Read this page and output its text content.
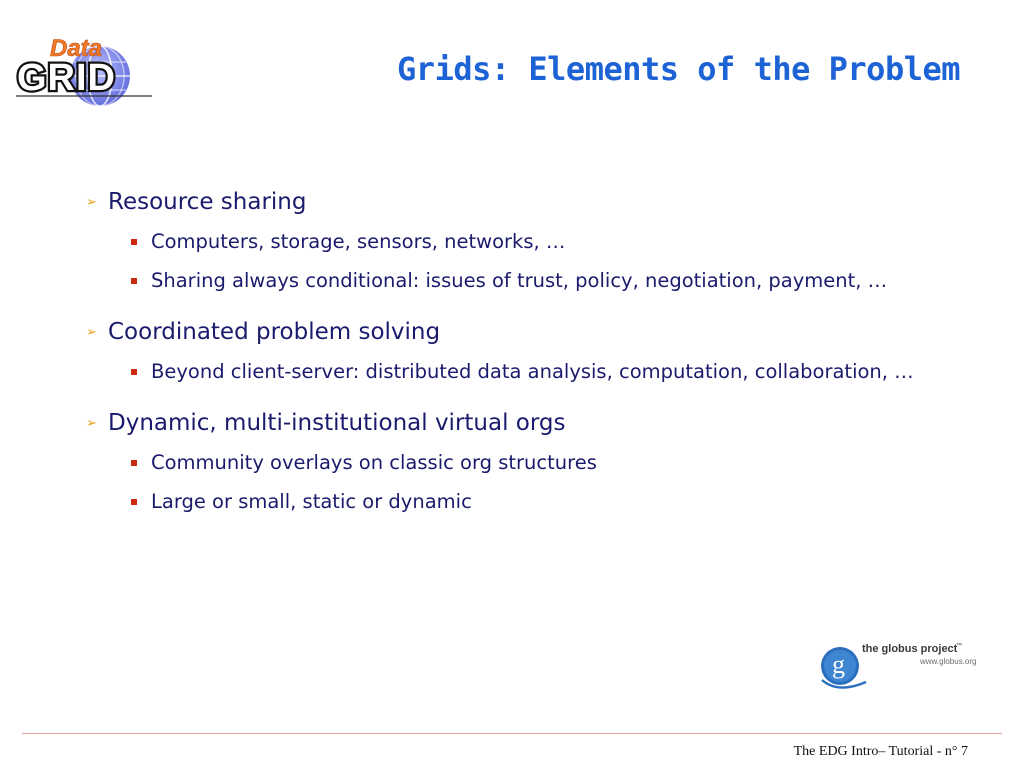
Data
GRID	Grids: Elements of the Problem
➢ Resource sharing
Computers, storage, sensors, networks, …
Sharing always conditional: issues of trust, policy, negotiation, payment, …
➢ Coordinated problem solving
Beyond client-server: distributed data analysis, computation, collaboration, …
➢ Dynamic, multi-institutional virtual orgs
Community overlays on classic org structures
Large or small, static or dynamic
g
the globus project
™
www.globus.org
The EDG Intro– Tutorial - n° 7
